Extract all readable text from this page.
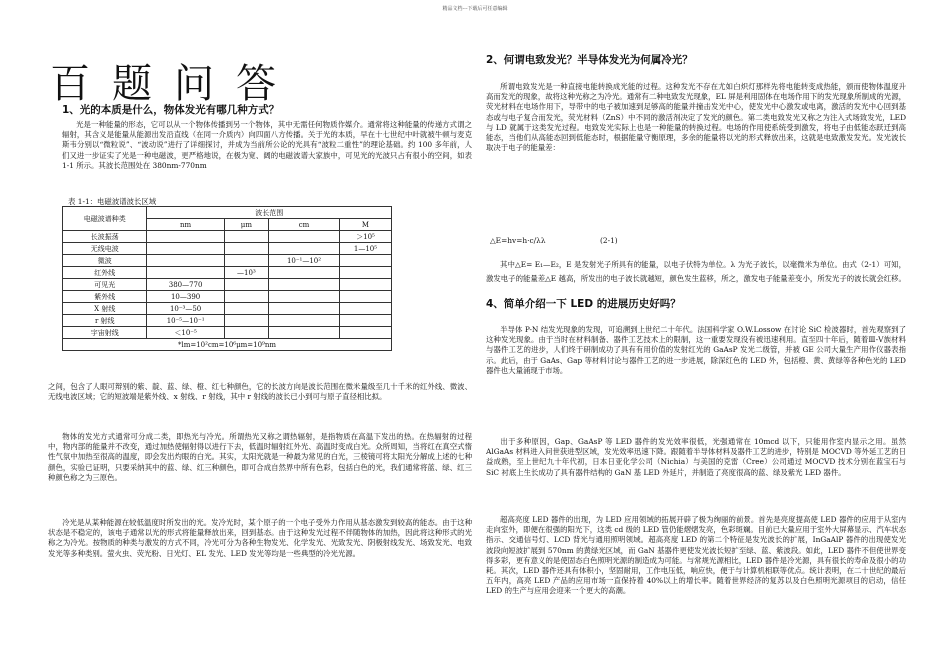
精品文档---下载后可任意编辑
百题问答
1、光的本质是什么，物体发光有哪几种方式？

光是一种能量的形态，它可以从一个物体传播到另一个物体，其中无需任何物质作媒介。通常将这种能量的传递方式谓之辐射，其含义是能量从能源出发沿直线（在同一介质内）向四面八方传播。关于光的本质，早在十七世纪中叶就被牛顿与麦克斯韦分别以“微粒说”、“波动说”进行了详细探讨，并成为当前所公论的光具有“波粒二重性”的理论基础。约 100 多年前，人们又进一步证实了光是一种电磁波，更严格地说，在极为宽、阔的电磁波谱大家族中，可见光的光波只占有很小的空间，如表 1-1 所示。其波长范围处在 380nm-770nm

表 1-1：电磁波谱波长区域
电磁波谱种类	波长范围			
	nm	μm	cm	M
长波振荡				＞10⁵
无线电波				1—10⁵
微波			10⁻¹—10²	
红外线		—10³		
可见光	380—770			
紫外线	10—390			
X 射线	10⁻³—50			
r 射线	10⁻⁵—10⁻¹			
宇宙射线	＜10⁻⁵			
*lm=10²cm=10⁶μm=10⁹nm				

之间，包含了人眼可辩别的紫、靛、蓝、绿、橙、红七种颜色，它的长波方向是波长范围在微米量级至几十千米的红外线、微波、无线电波区域；它的短波端是紫外线、x 射线、r 射线，其中 r 射线的波长已小到可与原子直径相比拟。

物体的发光方式通常可分成二类，即热光与冷光。所谓热光又称之谓热辐射，是指物质在高温下发出的热。在热辐射的过程中，物内部的能量并不改变，通过加热使辐射得以进行下去，低温时辐射红外光、高温时变成白光。众所周知，当将红在真空式惰性气氛中加热至很高的温度，即会发出灼眼的白光。其实，太阳光就是一种最为常见的白光，三棱镜可将太阳光分解成上述的七种颜色，实验已证明，只要采纳其中的蓝、绿、红三种颜色，即可合成自然界中所有色彩，包括白色的光，我们通常将蓝、绿、红三种颜色称之为三原色。

冷光是从某种能源在较低温度时所发出的光。发冷光时，某个原子的一个电子受外力作用从基态激发到较高的能态。由于这种状态是不稳定的，该电子通常以光的形式将能量释放出来，回到基态。由于这种发光过程不伴随物体的加热，因此将这种形式的光称之为冷光。按物质的种类与激发的方式不同，冷光可分为各种生物发光、化学发光、光致发光、阴极射线发光、场致发光、电致发光等多种类别。萤火虫、荧光粉、日光灯、EL 发光、LED 发光等均是一些典型的冷光光源。

2、何谓电致发光？半导体发光为何属冷光？

所谓电致发光是一种直接电能转换成光能的过程。这种发光不存在尤如白炽灯那样先将电能转变成热能，颁而使物体温度升高而发光的现象，故将这种光称之为冷光。通常有二种电致发光现象，EL 屏是利用固体在电场作用下的发光现象所制成的光源，荧光材料在电场作用下，导带中的电子被加速到足够高的能量并撞击发光中心，使发光中心激发或电离，激活的发光中心回到基态或与电子复合而发光，荧光材料（ZnS）中不同的激活剂决定了发光的颜色。第二类电致发光又称之为注入式场致发光，LED 与 LD 就属于这类发光过程。电致发光实际上也是一种能量的转换过程。电场的作用使系统受到激发，将电子由低能态跃迁到高能态，当他们从高能态回到低能态时，根据能量守衡原理，多余的能量将以光的形式释放出来，这就是电致激发发光。发光波长取决于电子的能量差：

△E=hv=h·c/λλ	(2-1)

其中△E= E₁—E₂，E 是发射光子所具有的能量，以电子伏特为单位。λ 为光子波长，以毫微米为单位。由式（2-1）可知，激发电子的能量差△E 越高，所发出的电子波长就越短，颜色发生蓝移，所之，激发电子能量差变小，所发光子的波长就会红移。

4、简单介绍一下 LED 的进展历史好吗？

半导体 P-N 结发光现象的发现，可追溯到上世纪二十年代。法国科学家 O.W.Lossow 在讨论 SiC 检波器时，首先观察到了这种发光现象。由于当时在材料制备、器件工艺技术上的限制，这一重要发现没有被迅速利用。直至四十年后，随着Ⅲ-Ⅴ族材料与器件工艺的进步，人们终于研制成功了具有有用价值的发射红光的 GaAsP 发光二级管，并被 GE 公司大量生产用作仪器表指示。此后，由于 GaAs、Gap 等材料讨论与器件工艺的进一步进展，除深红色的 LED 外，包括橙、黄、黄绿等各种色光的 LED 器件也大量涌现于市场。

出于多种原因，Gap、GaAsP 等 LED 器件的发光效率很低，光强通常在 10mcd 以下，只能用作室内显示之用。虽然 AlGaAs 材料进入问世获进型区域，发光效率迅速下降。跟随着半导体材料及器件工艺的进步，特别是 MOCVD 等外延工艺的日益成熟，至上世纪九十年代初，日本日亚化学公司（Nichia）与美国的克雷（Cree）公司通过 MOCVD 技术分别在蓝宝石与 SiC 衬底上生长成功了具有器件结构的 GaN 基 LED 外延片，并制造了亮度很高的蓝、绿及紫光 LED 器件。

超高亮度 LED 器件的出现，为 LED 应用领域的拓展开辟了极为绚丽的前景。首先是亮度提高使 LED 器件的应用于从室内走向室外，即便在很强的阳光下，这类 cd 级的 LED 管仍能熠熠发亮，色彩斑斓。目前已大量应用于室外大屏幕显示、汽车状态指示、交通信号灯、LCD 背光与通用照明领域。超高亮度 LED 的第二个特征是发光波长的扩展，InGaAlP 器件的出现使发光波段向短波扩展到 570nm 的黄绿光区域，而 GaN 基器件更使发光波长短扩至绿、蓝、紫波段。如此，LED 器件不但使世界变得多彩，更有意义的是使固态白色照明光源的制造成为可能。与常规光源相比，LED 器件是冷光源，具有很长的寿命及很小的功耗。其次，LED 器件还具有体积小，坚固耐用，工作电压低，响应快，便于与计算机相联等优点。统计表明，在二十世纪的最后五年内，高亮 LED 产品的应用市场一直保持着 40%以上的增长率。随着世界经济的复苏以及白色照明光源项目的启动，信任 LED 的生产与应用会迎来一个更大的高潮。
